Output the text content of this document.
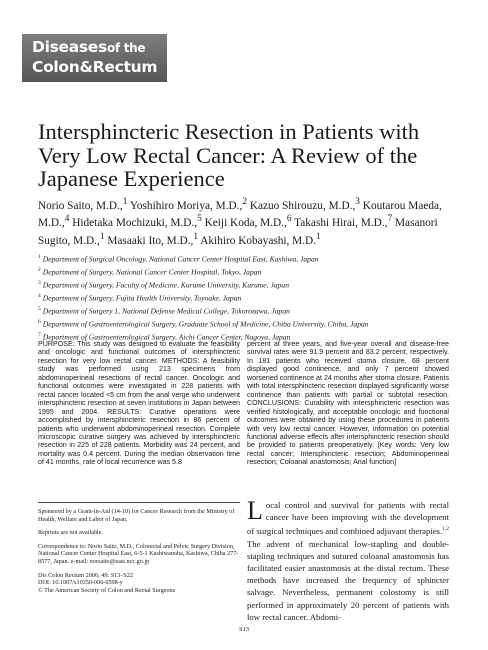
Diseasesof the
Colon&Rectum
Intersphincteric Resection in Patients with Very Low Rectal Cancer: A Review of the Japanese Experience
Norio Saito, M.D.,$^1$ Yoshihiro Moriya, M.D.,$^2$ Kazuo Shirouzu, M.D.,$^3$ Koutarou Maeda, M.D.,$^4$ Hidetaka Mochizuki, M.D.,$^5$ Keiji Koda, M.D.,$^6$ Takashi Hirai, M.D.,$^7$ Masanori Sugito, M.D.,$^1$ Masaaki Ito, M.D.,$^1$ Akihiro Kobayashi, M.D.$^1$
$^1$ Department of Surgical Oncology, National Cancer Center Hospital East, Kashiwa, Japan
$^2$ Department of Surgery, National Cancer Center Hospital, Tokyo, Japan
$^3$ Department of Surgery, Faculty of Medicine, Kurume University, Kurume, Japan
$^4$ Department of Surgery, Fujita Health University, Toyoake, Japan
$^5$ Department of Surgery 1, National Defense Medical College, Tokorozawa, Japan
$^6$ Department of Gastroenterological Surgery, Graduate School of Medicine, Chiba University, Chiba, Japan
$^7$ Department of Gastroenterological Surgery, Aichi Cancer Center, Nagoya, Japan
PURPOSE: This study was designed to evaluate the feasibility and oncologic and functional outcomes of intersphincteric resection for very low rectal cancer. METHODS: A feasibility study was performed using 213 specimens from abdominoperineal resections of rectal cancer. Oncologic and functional outcomes were investigated in 228 patients with rectal cancer located <5 cm from the anal verge who underwent intersphincteric resection at seven institutions in Japan between 1995 and 2004. RESULTS: Curative operations were accomplished by intersphincteric resection in 86 percent of patients who underwent abdominoperineal resection. Complete microscopic curative surgery was achieved by intersphincteric resection in 225 of 228 patients. Morbidity was 24 percent, and mortality was 0.4 percent. During the median observation time of 41 months, rate of local recurrence was 5.8
percent at three years, and five-year overall and disease-free survival rates were 91.9 percent and 83.2 percent, respectively. In 181 patients who received stoma closure, 68 percent displayed good continence, and only 7 percent showed worsened continence at 24 months after stoma closure. Patients with total intersphincteric resection displayed significantly worse continence than patients with partial or subtotal resection. CONCLUSIONS: Curability with intersphincteric resection was verified histologically, and acceptable oncologic and functional outcomes were obtained by using these procedures in patients with very low rectal cancer. However, information on potential functional adverse effects after intersphincteric resection should be provided to patients preoperatively. [Key words: Very low rectal cancer; Intersphincteric resection; Abdominoperineal resection; Coloanal anastomosis; Anal function]

Sponsored by a Grant-in-Aid (14-10) for Cancer Research from the Ministry of Health, Welfare and Labor of Japan.

Reprints are not available.

Correspondence to: Norio Saito, M.D., Colorectal and Pelvic Surgery Division, National Cancer Center Hospital East, 6-5-1 Kashiwanoha, Kashiwa, Chiba 277-8577, Japan. e-mail: norsaito@east.ncc.go.jp

Dis Colon Rectum 2006; 49: S13–S22

DOI: 10.1007/s10350-006-0598-y

© The American Society of Colon and Rectal Surgeons

Local control and survival for patients with rectal cancer have been improving with the development of surgical techniques and combined adjuvant therapies.$^{1,2}$ The advent of mechanical low-stapling and double-stapling techniques and sutured coloanal anastomosis has facilitated easier anastomosis at the distal rectum. These methods have increased the frequency of sphincter salvage. Nevertheless, permanent colostomy is still performed in approximately 20 percent of patients with low rectal cancer. Abdomi-
S13
